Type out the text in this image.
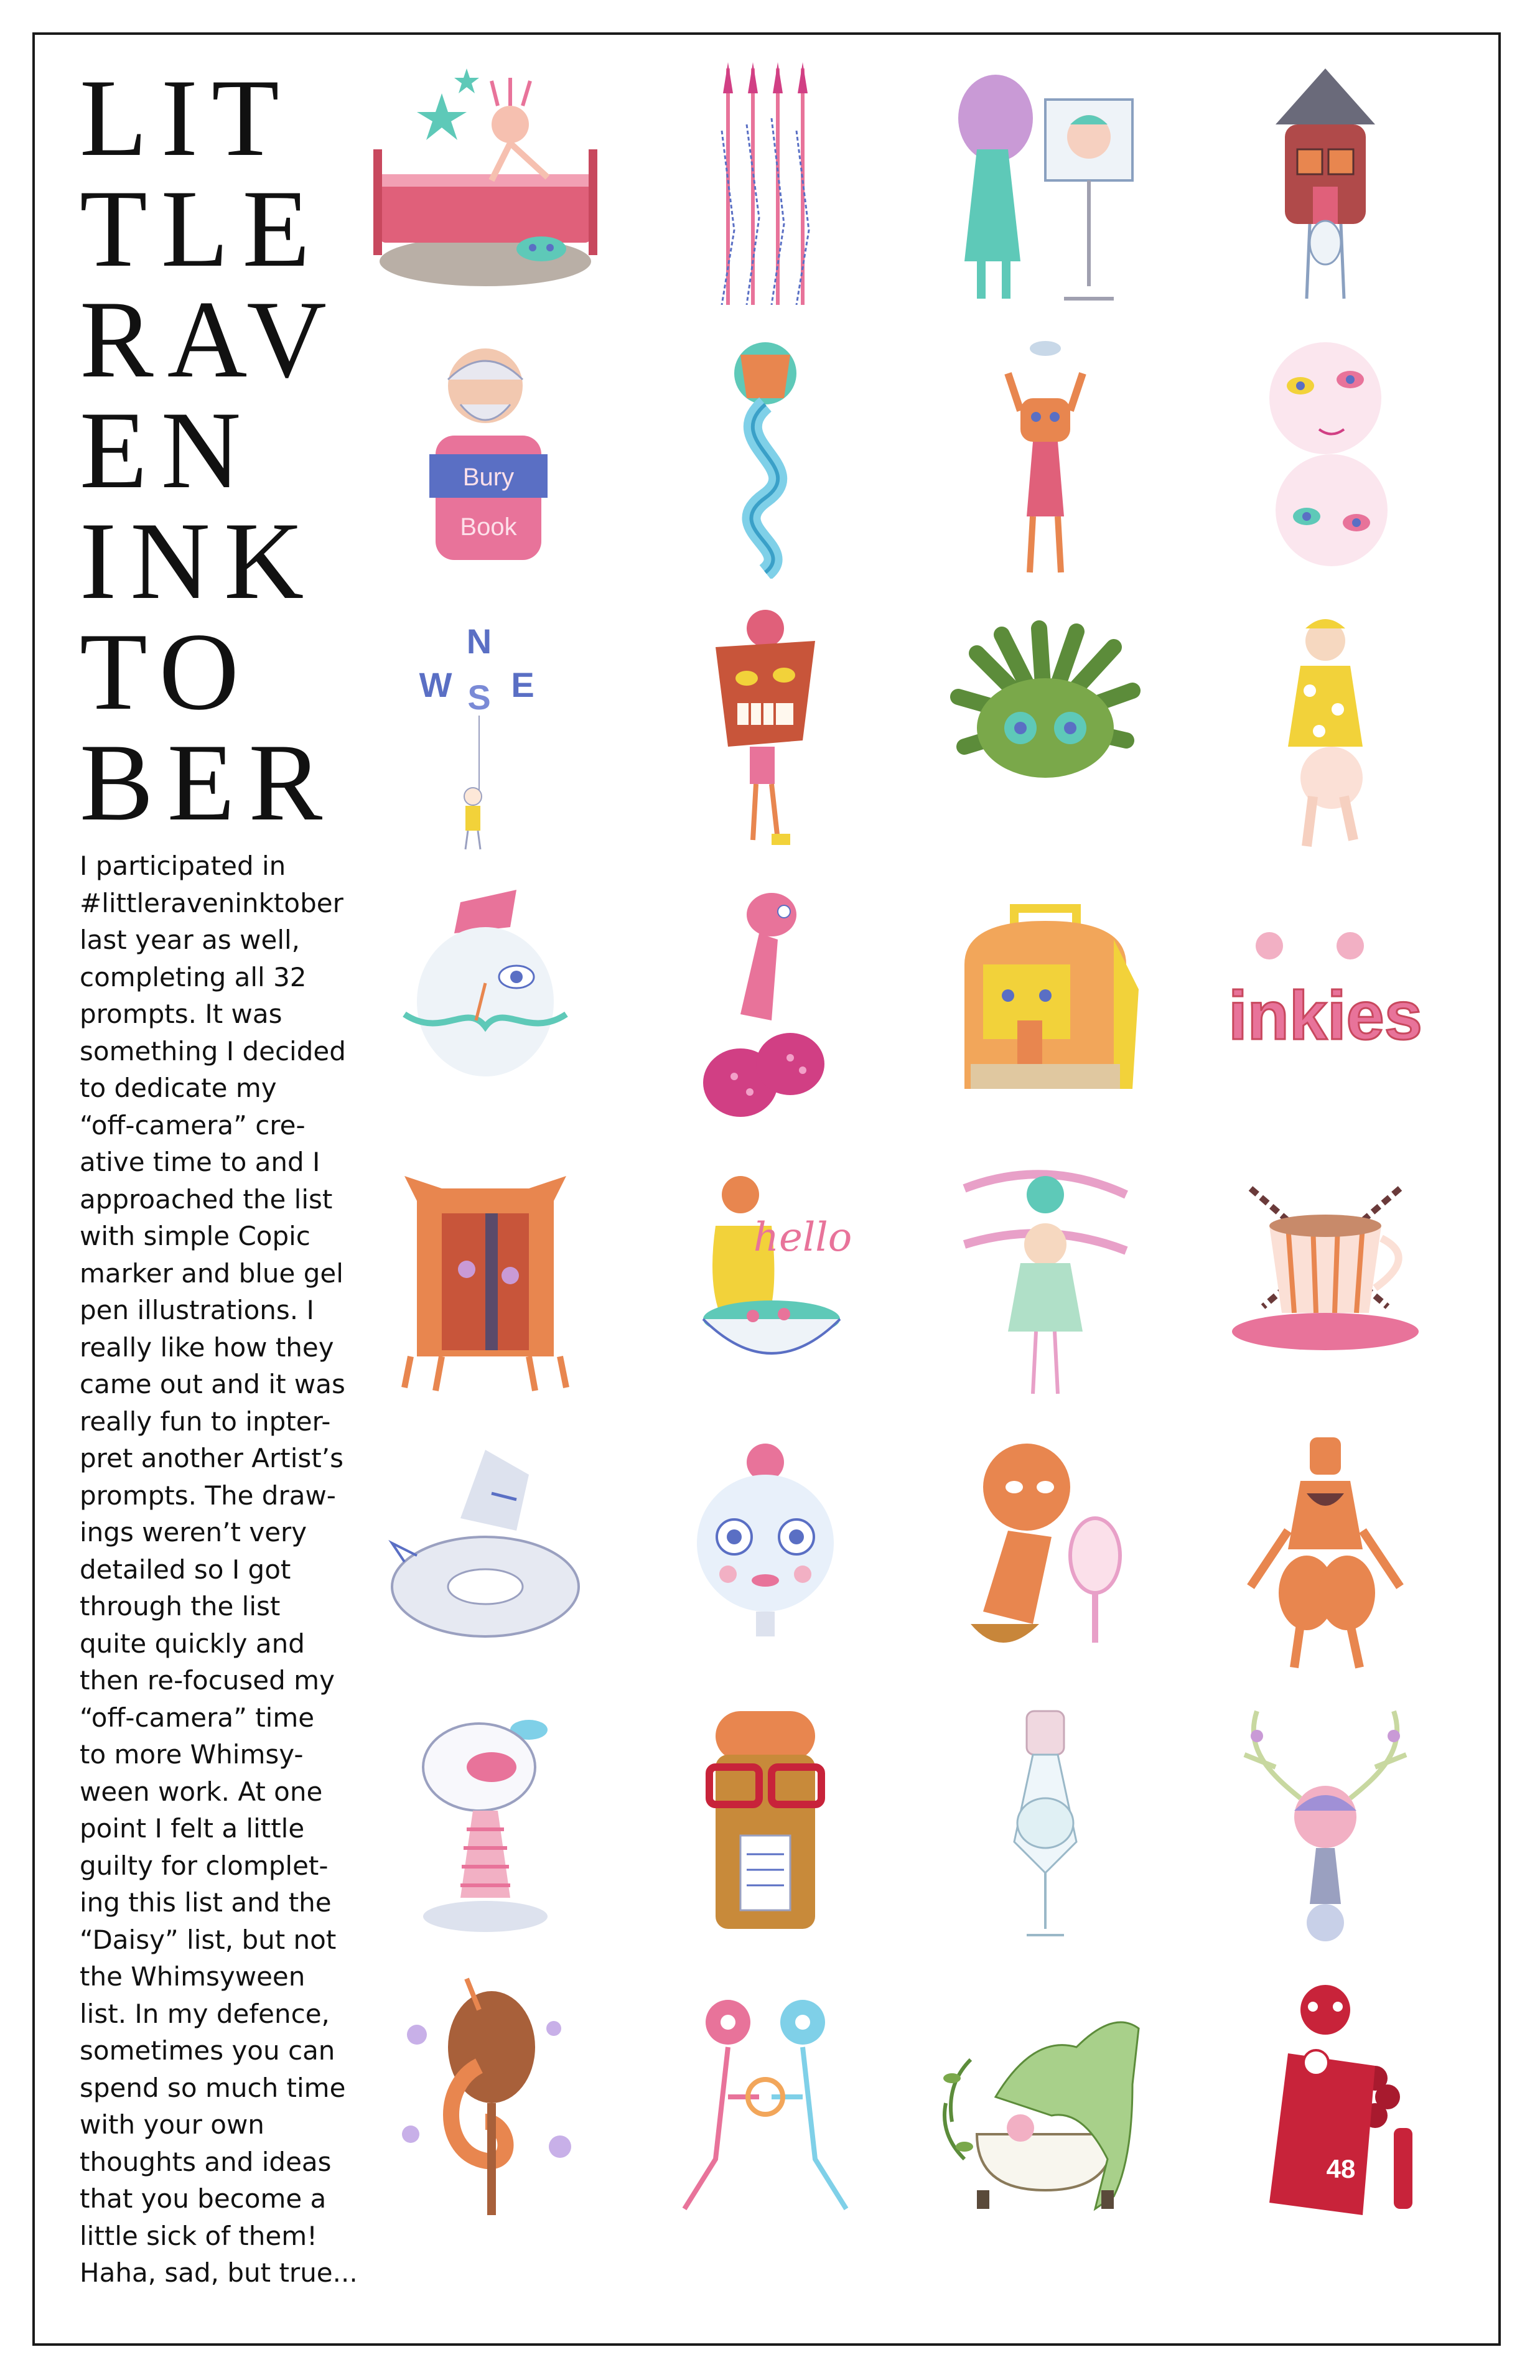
LIT
TLE
RAV
EN
INK
TO
BER

I participated in
#littleraveninktober
last year as well,
completing all 32
prompts. It was
something I decided
to dedicate my
“off-camera” cre-
ative time to and I
approached the list
with simple Copic
marker and blue gel
pen illustrations. I
really like how they
came out and it was
really fun to inpter-
pret another Artist’s
prompts. The draw-
ings weren’t very
detailed so I got
through the list
quite quickly and
then re-focused my
“off-camera” time
to more Whimsy-
ween work. At one
point I felt a little
guilty for clomplet-
ing this list and the
“Daisy” list, but not
the Whimsyween
list. In my defence,
sometimes you can
spend so much time
with your own
thoughts and ideas
that you become a
little sick of them!
Haha, sad, but true...

Bury
Book
N
W S E
inkies
hello
48
